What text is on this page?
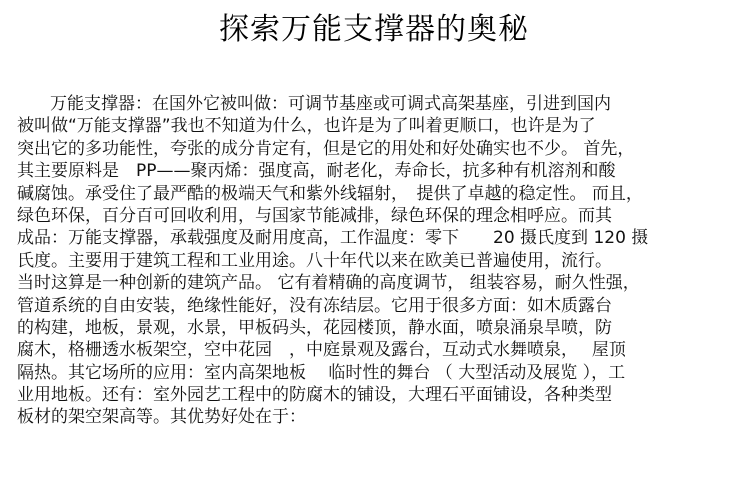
探索万能支撑器的奥秘
万能支撑器：在国外它被叫做：可调节基座或可调式高架基座，引进到国内
被叫做“万能支撑器”我也不知道为什么，也许是为了叫着更顺口，也许是为了
突出它的多功能性，夸张的成分肯定有，但是它的用处和好处确实也不少。 首先，
其主要原料是　PP——聚丙烯：强度高，耐老化，寿命长，抗多种有机溶剂和酸
碱腐蚀。承受住了最严酷的极端天气和紫外线辐射，　提供了卓越的稳定性。 而且，
绿色环保，百分百可回收利用，与国家节能减排，绿色环保的理念相呼应。而其
成品：万能支撑器，承载强度及耐用度高，工作温度：零下　　20 摄氏度到 120 摄
氏度。主要用于建筑工程和工业用途。八十年代以来在欧美已普遍使用，流行。
当时这算是一种创新的建筑产品。 它有着精确的高度调节， 组装容易，耐久性强，
管道系统的自由安装，绝缘性能好，没有冻结层。它用于很多方面：如木质露台
的构建，地板，景观，水景，甲板码头，花园楼顶，静水面，喷泉涌泉旱喷，防
腐木，格栅透水板架空，空中花园　，中庭景观及露台，互动式水舞喷泉，　 屋顶
隔热。其它场所的应用：室内高架地板　 临时性的舞台 （ 大型活动及展览 ），工
业用地板。还有：室外园艺工程中的防腐木的铺设，大理石平面铺设，各种类型
板材的架空架高等。其优势好处在于：
